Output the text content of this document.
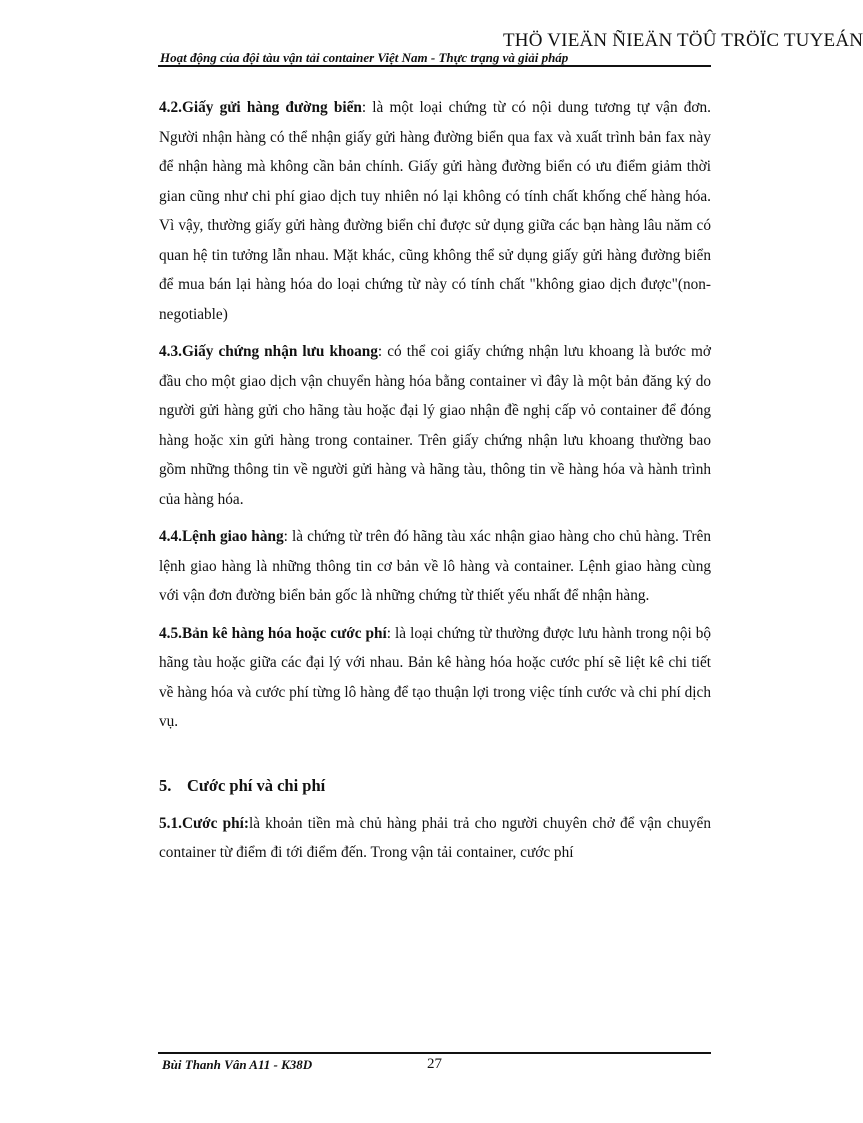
THÖ VIEÄN ÑIEÄN TÖÛ TRÖÏC TUYEÁN
Hoạt động của đội tàu vận tải container Việt Nam - Thực trạng và giải pháp

4.2.Giấy gửi hàng đường biển: là một loại chứng từ có nội dung tương tự vận đơn. Người nhận hàng có thể nhận giấy gửi hàng đường biển qua fax và xuất trình bản fax này để nhận hàng mà không cần bản chính. Giấy gửi hàng đường biển có ưu điểm giảm thời gian cũng như chi phí giao dịch tuy nhiên nó lại không có tính chất khống chế hàng hóa. Vì vậy, thường giấy gửi hàng đường biển chỉ được sử dụng giữa các bạn hàng lâu năm có quan hệ tin tưởng lẫn nhau. Mặt khác, cũng không thể sử dụng giấy gửi hàng đường biển để mua bán lại hàng hóa do loại chứng từ này có tính chất "không giao dịch được"(non-negotiable)

4.3.Giấy chứng nhận lưu khoang: có thể coi giấy chứng nhận lưu khoang là bước mở đầu cho một giao dịch vận chuyển hàng hóa bằng container vì đây là một bản đăng ký do người gửi hàng gửi cho hãng tàu hoặc đại lý giao nhận đề nghị cấp vỏ container để đóng hàng hoặc xin gửi hàng trong container. Trên giấy chứng nhận lưu khoang thường bao gồm những thông tin về người gửi hàng và hãng tàu, thông tin về hàng hóa và hành trình của hàng hóa.

4.4.Lệnh giao hàng: là chứng từ trên đó hãng tàu xác nhận giao hàng cho chủ hàng. Trên lệnh giao hàng là những thông tin cơ bản về lô hàng và container. Lệnh giao hàng cùng với vận đơn đường biển bản gốc là những chứng từ thiết yếu nhất để nhận hàng.

4.5.Bản kê hàng hóa hoặc cước phí: là loại chứng từ thường được lưu hành trong nội bộ hãng tàu hoặc giữa các đại lý với nhau. Bản kê hàng hóa hoặc cước phí sẽ liệt kê chi tiết về hàng hóa và cước phí từng lô hàng để tạo thuận lợi trong việc tính cước và chi phí dịch vụ.

5. Cước phí và chi phí

5.1.Cước phí:là khoản tiền mà chủ hàng phải trả cho người chuyên chở để vận chuyển container từ điểm đi tới điểm đến. Trong vận tải container, cước phí

Bùi Thanh Vân A11 - K38D	27
